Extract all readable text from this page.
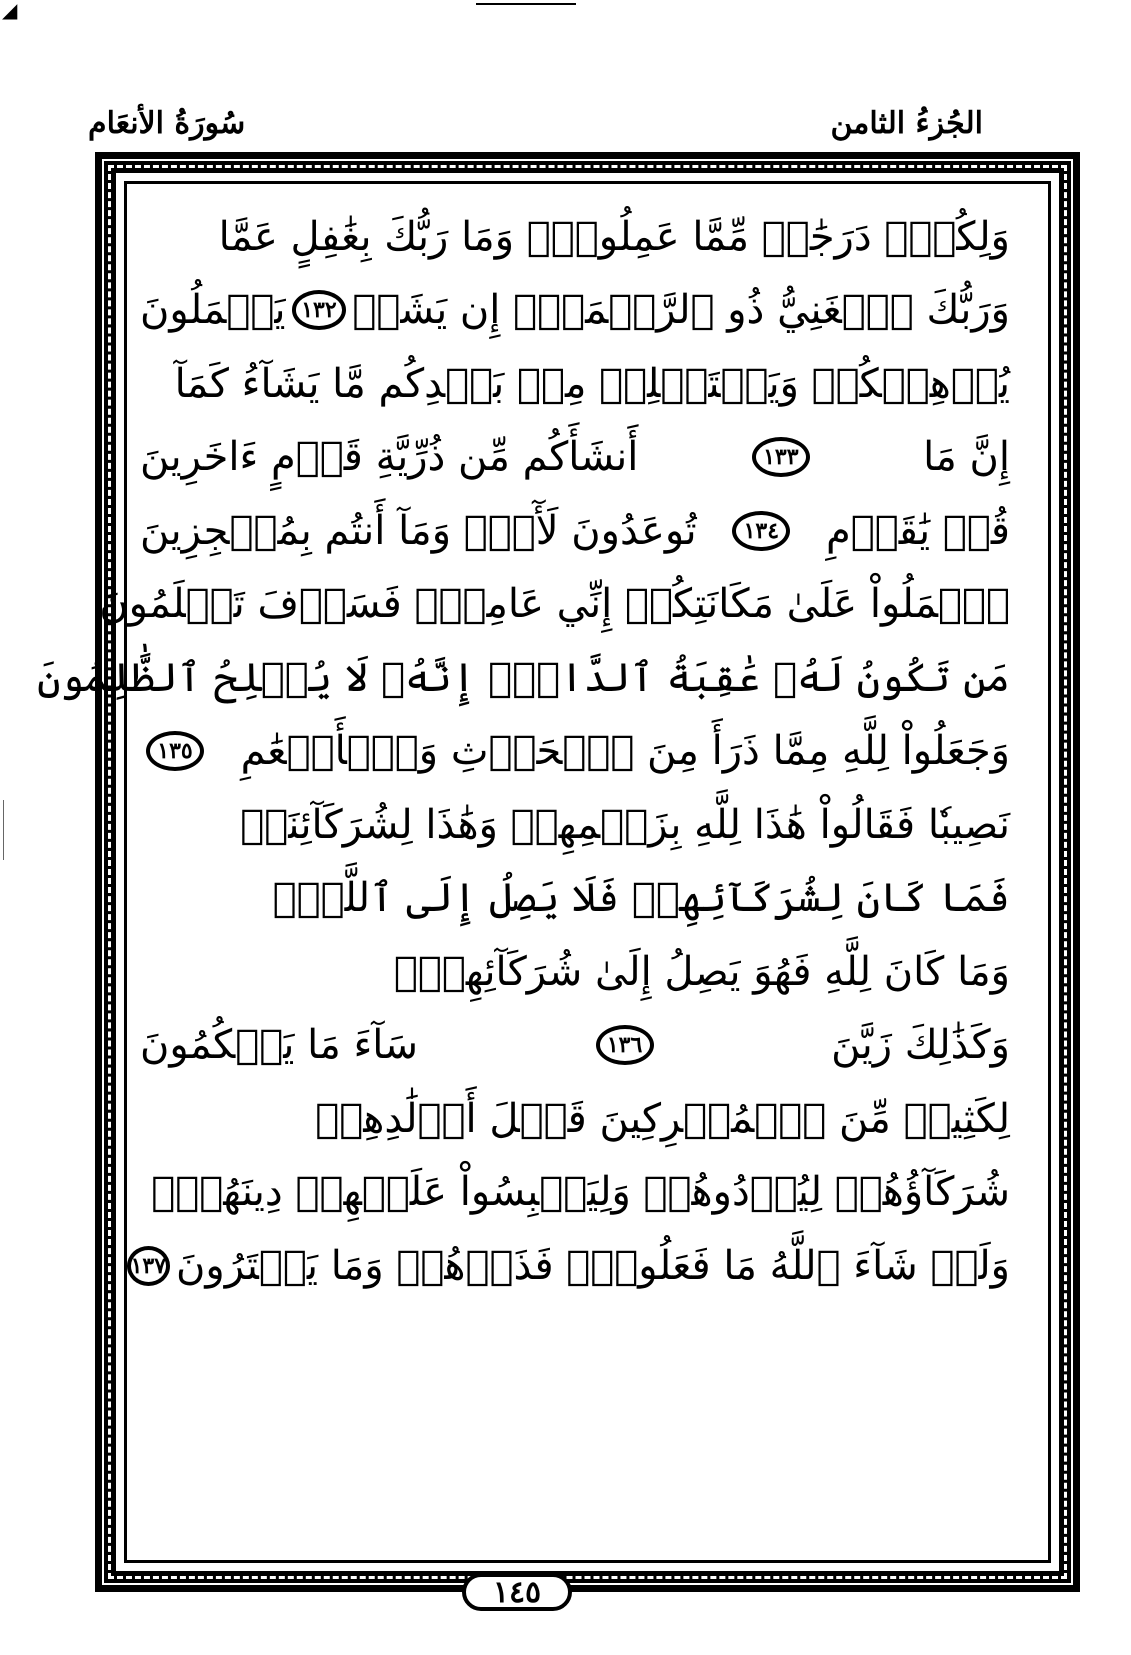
◢
الجُزءُ الثامن
سُورَةُ الأنعَام
وَلِكُلّٖ دَرَجَٰتٞ مِّمَّا عَمِلُواْۚ وَمَا رَبُّكَ بِغَٰفِلٍ عَمَّا
وَرَبُّكَ ٱلۡغَنِيُّ ذُو ٱلرَّحۡمَةِۚ إِن يَشَأۡ
١٣٢
يَعۡمَلُونَ
يُذۡهِبۡكُمۡ وَيَسۡتَخۡلِفۡ مِنۢ بَعۡدِكُم مَّا يَشَآءُ كَمَآ
إِنَّ مَا
١٣٣
أَنشَأَكُم مِّن ذُرِّيَّةِ قَوۡمٍ ءَاخَرِينَ
قُلۡ يَٰقَوۡمِ
١٣٤
تُوعَدُونَ لَأٓتٖۖ وَمَآ أَنتُم بِمُعۡجِزِينَ
ٱعۡمَلُواْ عَلَىٰ مَكَانَتِكُمۡ إِنِّي عَامِلٞۖ فَسَوۡفَ تَعۡلَمُونَ
مَن تَكُونُ لَهُۥ عَٰقِبَةُ ٱلدَّارِۚ إِنَّهُۥ لَا يُفۡلِحُ ٱلظَّٰلِمُونَ
وَجَعَلُواْ لِلَّهِ مِمَّا ذَرَأَ مِنَ ٱلۡحَرۡثِ وَٱلۡأَنۡعَٰمِ
١٣٥
نَصِيبٗا فَقَالُواْ هَٰذَا لِلَّهِ بِزَعۡمِهِمۡ وَهَٰذَا لِشُرَكَآئِنَاۖ
فَمَا كَانَ لِشُرَكَآئِهِمۡ فَلَا يَصِلُ إِلَى ٱللَّهِۖ
وَمَا كَانَ لِلَّهِ فَهُوَ يَصِلُ إِلَىٰ شُرَكَآئِهِمۡۗ
وَكَذَٰلِكَ زَيَّنَ
١٣٦
سَآءَ مَا يَحۡكُمُونَ
لِكَثِيرٖ مِّنَ ٱلۡمُشۡرِكِينَ قَتۡلَ أَوۡلَٰدِهِمۡ
شُرَكَآؤُهُمۡ لِيُرۡدُوهُمۡ وَلِيَلۡبِسُواْ عَلَيۡهِمۡ دِينَهُمۡۖ
وَلَوۡ شَآءَ ٱللَّهُ مَا فَعَلُوهُۖ فَذَرۡهُمۡ وَمَا يَفۡتَرُونَ
١٣٧
١٤٥
